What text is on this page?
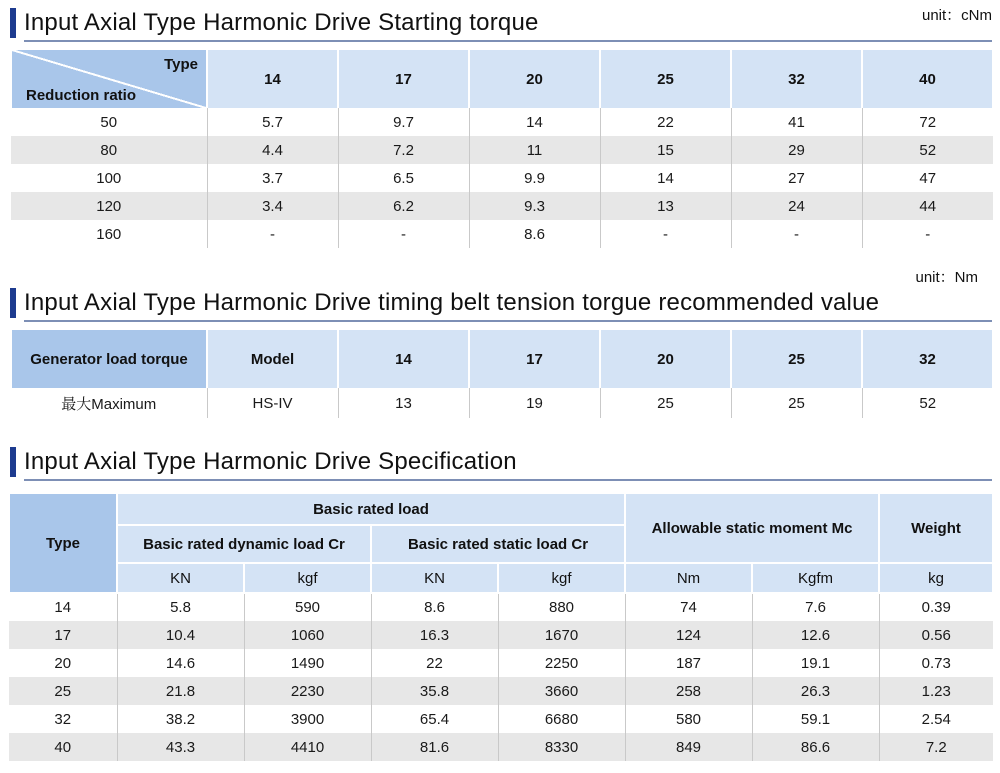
Input Axial Type Harmonic Drive Starting torque	unit：cNm
Type
Reduction ratio	14	17	20	25	32	40
50	5.7	9.7	14	22	41	72
80	4.4	7.2	11	15	29	52
100	3.7	6.5	9.9	14	27	47
120	3.4	6.2	9.3	13	24	44
160	-	-	8.6	-	-	-
unit：Nm
Input Axial Type Harmonic Drive timing belt tension torgue recommended value
Generator load torque	Model	14	17	20	25	32
最大Maximum	HS-IV	13	19	25	25	52
Input Axial Type Harmonic Drive Specification
Type	Basic rated load				Allowable static moment Mc		Weight
	Basic rated dynamic load Cr		Basic rated static load Cr				
	KN	kgf	KN	kgf	Nm	Kgfm	kg
14	5.8	590	8.6	880	74	7.6	0.39
17	10.4	1060	16.3	1670	124	12.6	0.56
20	14.6	1490	22	2250	187	19.1	0.73
25	21.8	2230	35.8	3660	258	26.3	1.23
32	38.2	3900	65.4	6680	580	59.1	2.54
40	43.3	4410	81.6	8330	849	86.6	7.2
